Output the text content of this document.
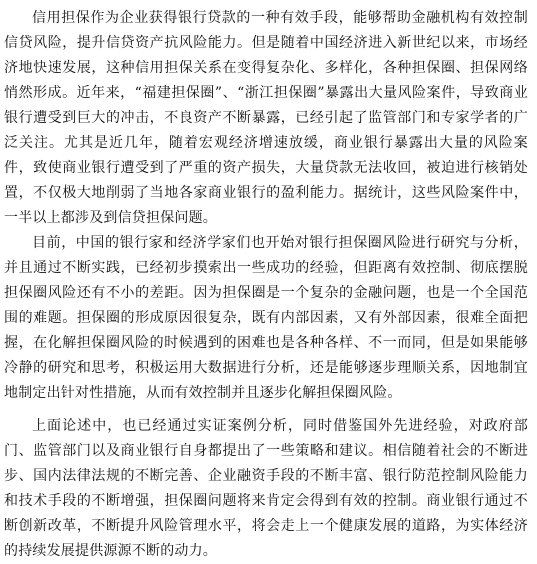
信用担保作为企业获得银行贷款的一种有效手段，能够帮助金融机构有效控制信贷风险，提升信贷资产抗风险能力。但是随着中国经济进入新世纪以来，市场经济地快速发展，这种信用担保关系在变得复杂化、多样化，各种担保圈、担保网络悄然形成。近年来，“福建担保圈”、“浙江担保圈”暴露出大量风险案件，导致商业银行遭受到巨大的冲击，不良资产不断暴露，已经引起了监管部门和专家学者的广泛关注。尤其是近几年，随着宏观经济增速放缓，商业银行暴露出大量的风险案件，致使商业银行遭受到了严重的资产损失，大量贷款无法收回，被迫进行核销处置，不仅极大地削弱了当地各家商业银行的盈利能力。据统计，这些风险案件中，一半以上都涉及到信贷担保问题。

目前，中国的银行家和经济学家们也开始对银行担保圈风险进行研究与分析，并且通过不断实践，已经初步摸索出一些成功的经验，但距离有效控制、彻底摆脱担保圈风险还有不小的差距。因为担保圈是一个复杂的金融问题，也是一个全国范围的难题。担保圈的形成原因很复杂，既有内部因素，又有外部因素，很难全面把握，在化解担保圈风险的时候遇到的困难也是各种各样、不一而同，但是如果能够冷静的研究和思考，积极运用大数据进行分析，还是能够逐步理顺关系，因地制宜地制定出针对性措施，从而有效控制并且逐步化解担保圈风险。

上面论述中，也已经通过实证案例分析，同时借鉴国外先进经验，对政府部门、监管部门以及商业银行自身都提出了一些策略和建议。相信随着社会的不断进步、国内法律法规的不断完善、企业融资手段的不断丰富、银行防范控制风险能力和技术手段的不断增强，担保圈问题将来肯定会得到有效的控制。商业银行通过不断创新改革，不断提升风险管理水平，将会走上一个健康发展的道路，为实体经济的持续发展提供源源不断的动力。
